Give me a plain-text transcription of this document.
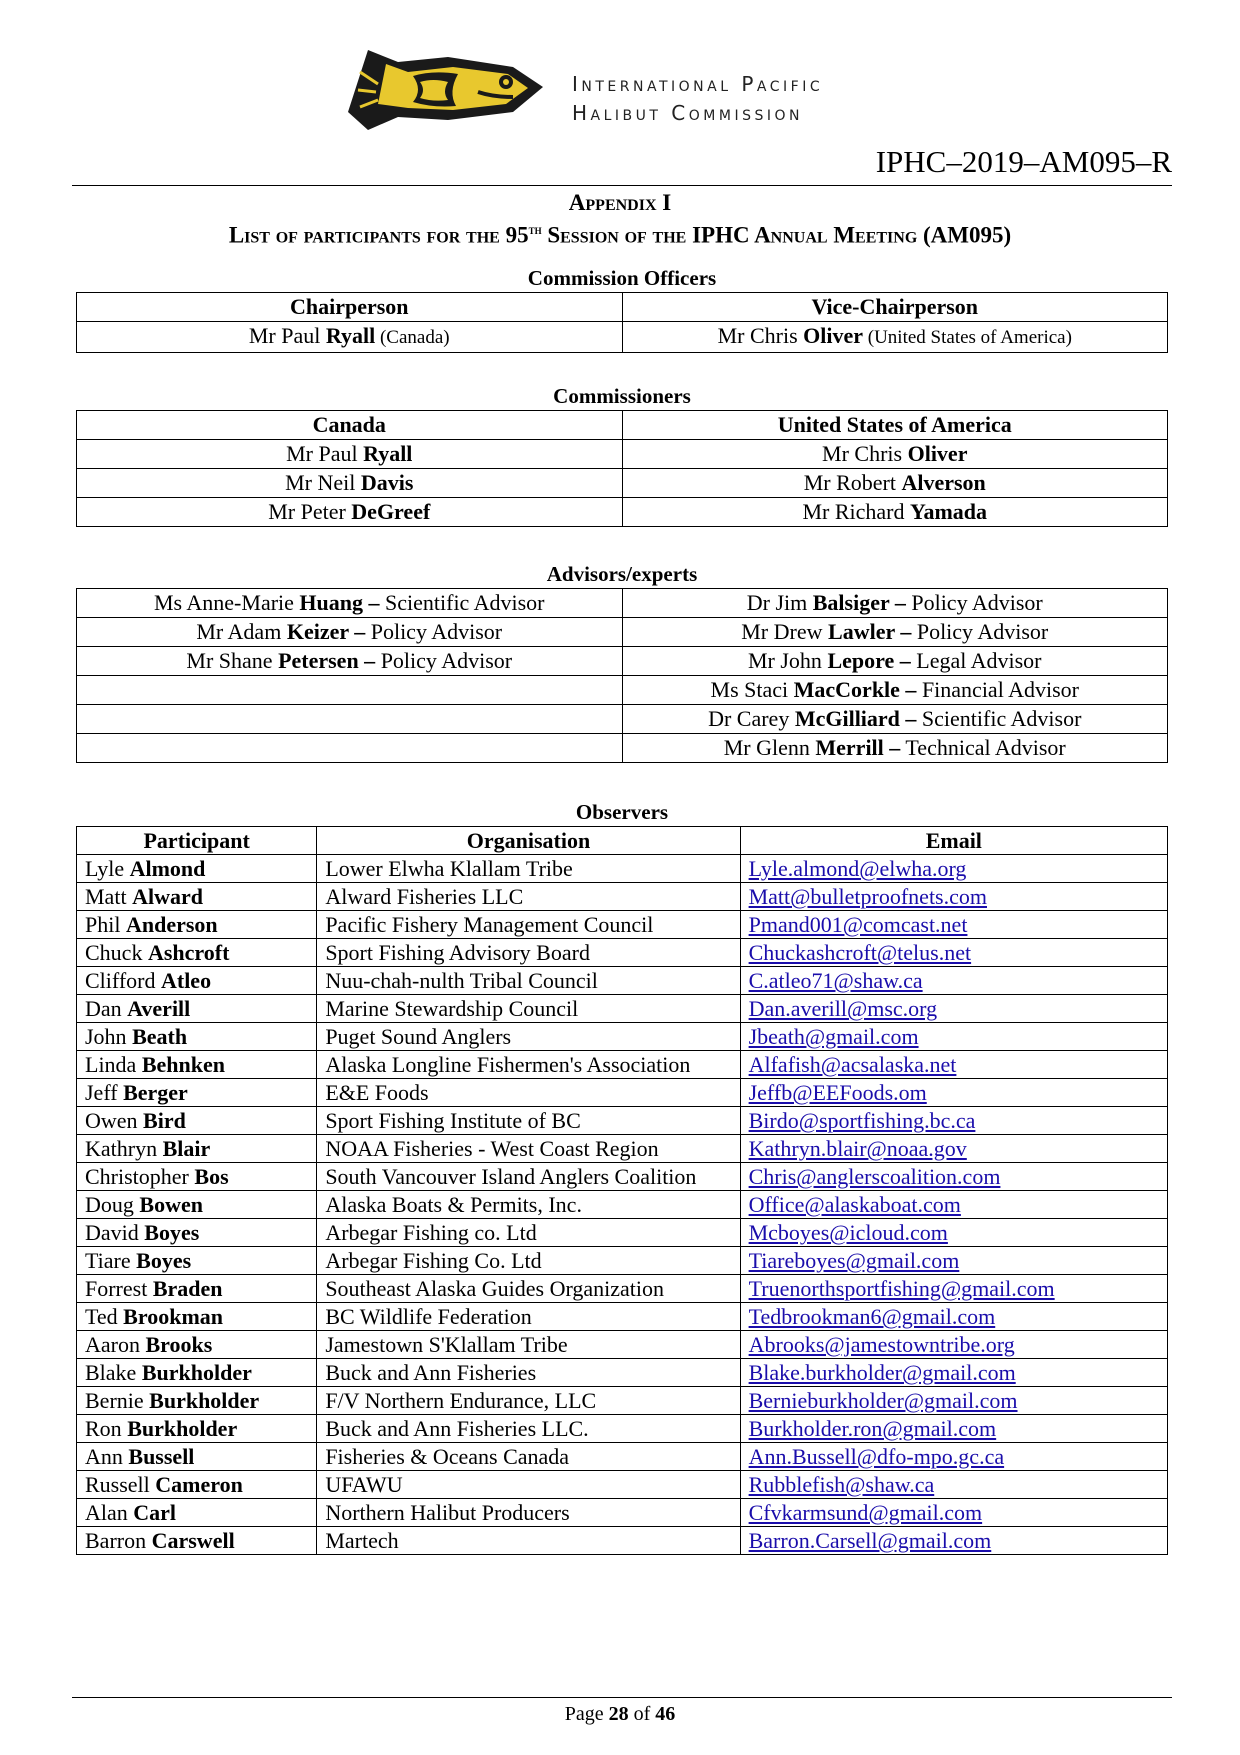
International Pacific
Halibut Commission
IPHC–2019–AM095–R
Appendix I
List of participants for the 95th Session of the IPHC Annual Meeting (AM095)
Commission Officers
Chairperson	Vice-Chairperson
Mr Paul Ryall (Canada)	Mr Chris Oliver (United States of America)
Commissioners
Canada	United States of America
Mr Paul Ryall	Mr Chris Oliver
Mr Neil Davis	Mr Robert Alverson
Mr Peter DeGreef	Mr Richard Yamada
Advisors/experts
Ms Anne-Marie Huang – Scientific Advisor	Dr Jim Balsiger – Policy Advisor
Mr Adam Keizer – Policy Advisor	Mr Drew Lawler – Policy Advisor
Mr Shane Petersen – Policy Advisor	Mr John Lepore – Legal Advisor
	Ms Staci MacCorkle – Financial Advisor
	Dr Carey McGilliard – Scientific Advisor
	Mr Glenn Merrill – Technical Advisor
Observers
Participant	Organisation	Email
Lyle Almond	Lower Elwha Klallam Tribe	Lyle.almond@elwha.org
Matt Alward	Alward Fisheries LLC	Matt@bulletproofnets.com
Phil Anderson	Pacific Fishery Management Council	Pmand001@comcast.net
Chuck Ashcroft	Sport Fishing Advisory Board	Chuckashcroft@telus.net
Clifford Atleo	Nuu-chah-nulth Tribal Council	C.atleo71@shaw.ca
Dan Averill	Marine Stewardship Council	Dan.averill@msc.org
John Beath	Puget Sound Anglers	Jbeath@gmail.com
Linda Behnken	Alaska Longline Fishermen's Association	Alfafish@acsalaska.net
Jeff Berger	E&E Foods	Jeffb@EEFoods.om
Owen Bird	Sport Fishing Institute of BC	Birdo@sportfishing.bc.ca
Kathryn Blair	NOAA Fisheries - West Coast Region	Kathryn.blair@noaa.gov
Christopher Bos	South Vancouver Island Anglers Coalition	Chris@anglerscoalition.com
Doug Bowen	Alaska Boats & Permits, Inc.	Office@alaskaboat.com
David Boyes	Arbegar Fishing co. Ltd	Mcboyes@icloud.com
Tiare Boyes	Arbegar Fishing Co. Ltd	Tiareboyes@gmail.com
Forrest Braden	Southeast Alaska Guides Organization	Truenorthsportfishing@gmail.com
Ted Brookman	BC Wildlife Federation	Tedbrookman6@gmail.com
Aaron Brooks	Jamestown S'Klallam Tribe	Abrooks@jamestowntribe.org
Blake Burkholder	Buck and Ann Fisheries	Blake.burkholder@gmail.com
Bernie Burkholder	F/V Northern Endurance, LLC	Bernieburkholder@gmail.com
Ron Burkholder	Buck and Ann Fisheries LLC.	Burkholder.ron@gmail.com
Ann Bussell	Fisheries & Oceans Canada	Ann.Bussell@dfo-mpo.gc.ca
Russell Cameron	UFAWU	Rubblefish@shaw.ca
Alan Carl	Northern Halibut Producers	Cfvkarmsund@gmail.com
Barron Carswell	Martech	Barron.Carsell@gmail.com
Page 28 of 46
